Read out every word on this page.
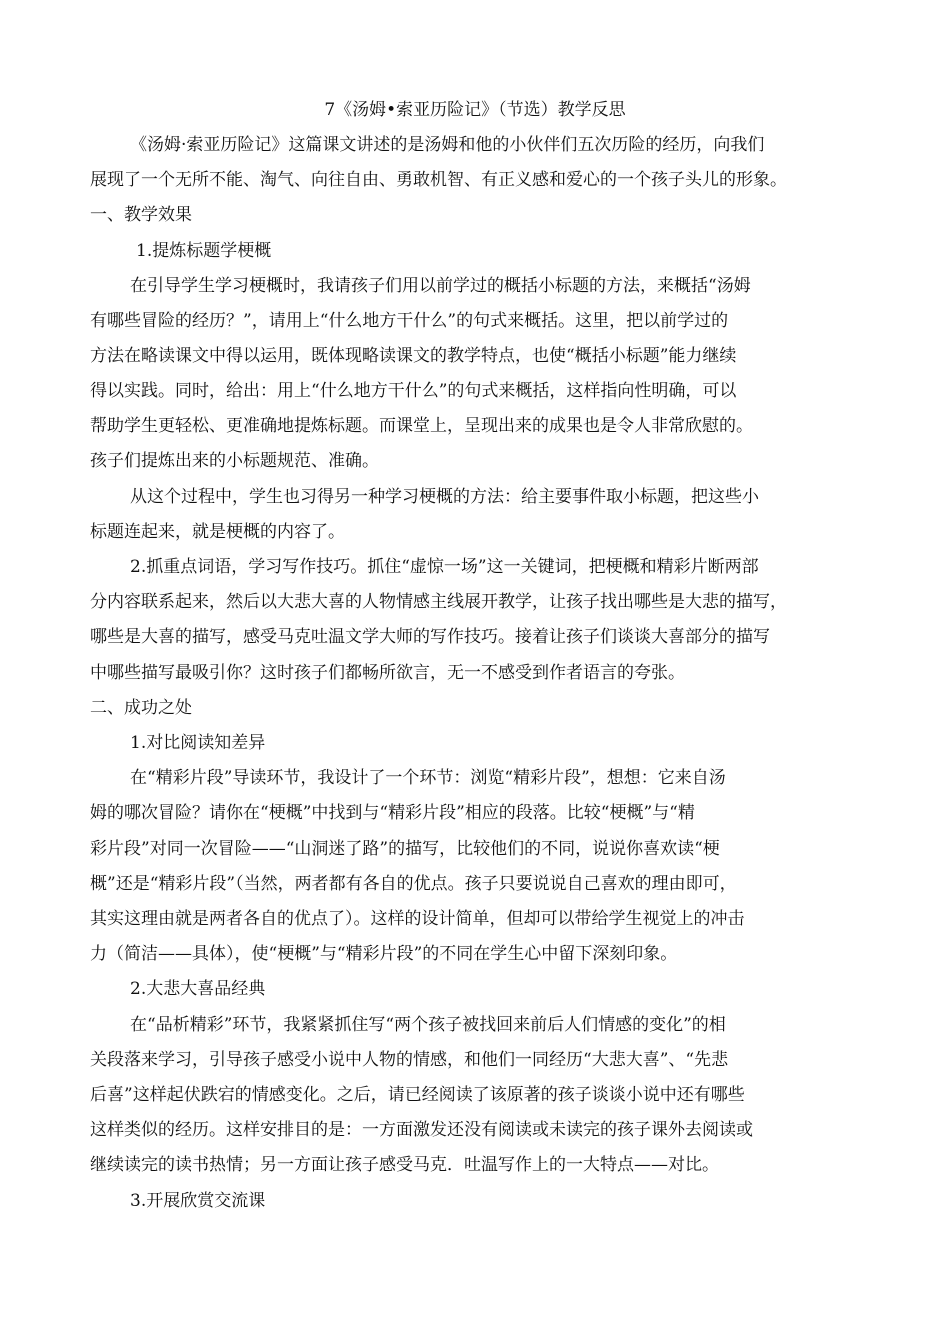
7《汤姆•索亚历险记》（节选）教学反思
《汤姆·索亚历险记》这篇课文讲述的是汤姆和他的小伙伴们五次历险的经历，向我们
展现了一个无所不能、淘气、向往自由、勇敢机智、有正义感和爱心的一个孩子头儿的形象。
一、教学效果
1.提炼标题学梗概
在引导学生学习梗概时，我请孩子们用以前学过的概括小标题的方法，来概括“汤姆
有哪些冒险的经历？”，请用上“什么地方干什么”的句式来概括。这里，把以前学过的
方法在略读课文中得以运用，既体现略读课文的教学特点，也使“概括小标题”能力继续
得以实践。同时，给出：用上“什么地方干什么”的句式来概括，这样指向性明确，可以
帮助学生更轻松、更准确地提炼标题。而课堂上，呈现出来的成果也是令人非常欣慰的。
孩子们提炼出来的小标题规范、准确。
从这个过程中，学生也习得另一种学习梗概的方法：给主要事件取小标题，把这些小
标题连起来，就是梗概的内容了。
2.抓重点词语，学习写作技巧。抓住“虚惊一场”这一关键词，把梗概和精彩片断两部
分内容联系起来，然后以大悲大喜的人物情感主线展开教学，让孩子找出哪些是大悲的描写，
哪些是大喜的描写，感受马克吐温文学大师的写作技巧。接着让孩子们谈谈大喜部分的描写
中哪些描写最吸引你？这时孩子们都畅所欲言，无一不感受到作者语言的夸张。
二、成功之处
1.对比阅读知差异
在“精彩片段”导读环节，我设计了一个环节：浏览“精彩片段”，想想：它来自汤
姆的哪次冒险？请你在“梗概”中找到与“精彩片段”相应的段落。比较“梗概”与“精
彩片段”对同一次冒险——“山洞迷了路”的描写，比较他们的不同，说说你喜欢读“梗
概”还是“精彩片段”（当然，两者都有各自的优点。孩子只要说说自己喜欢的理由即可，
其实这理由就是两者各自的优点了）。这样的设计简单，但却可以带给学生视觉上的冲击
力（简洁——具体），使“梗概”与“精彩片段”的不同在学生心中留下深刻印象。
2.大悲大喜品经典
在“品析精彩”环节，我紧紧抓住写“两个孩子被找回来前后人们情感的变化”的相
关段落来学习，引导孩子感受小说中人物的情感，和他们一同经历“大悲大喜”、“先悲
后喜”这样起伏跌宕的情感变化。之后，请已经阅读了该原著的孩子谈谈小说中还有哪些
这样类似的经历。这样安排目的是：一方面激发还没有阅读或未读完的孩子课外去阅读或
继续读完的读书热情；另一方面让孩子感受马克．吐温写作上的一大特点——对比。
3.开展欣赏交流课
